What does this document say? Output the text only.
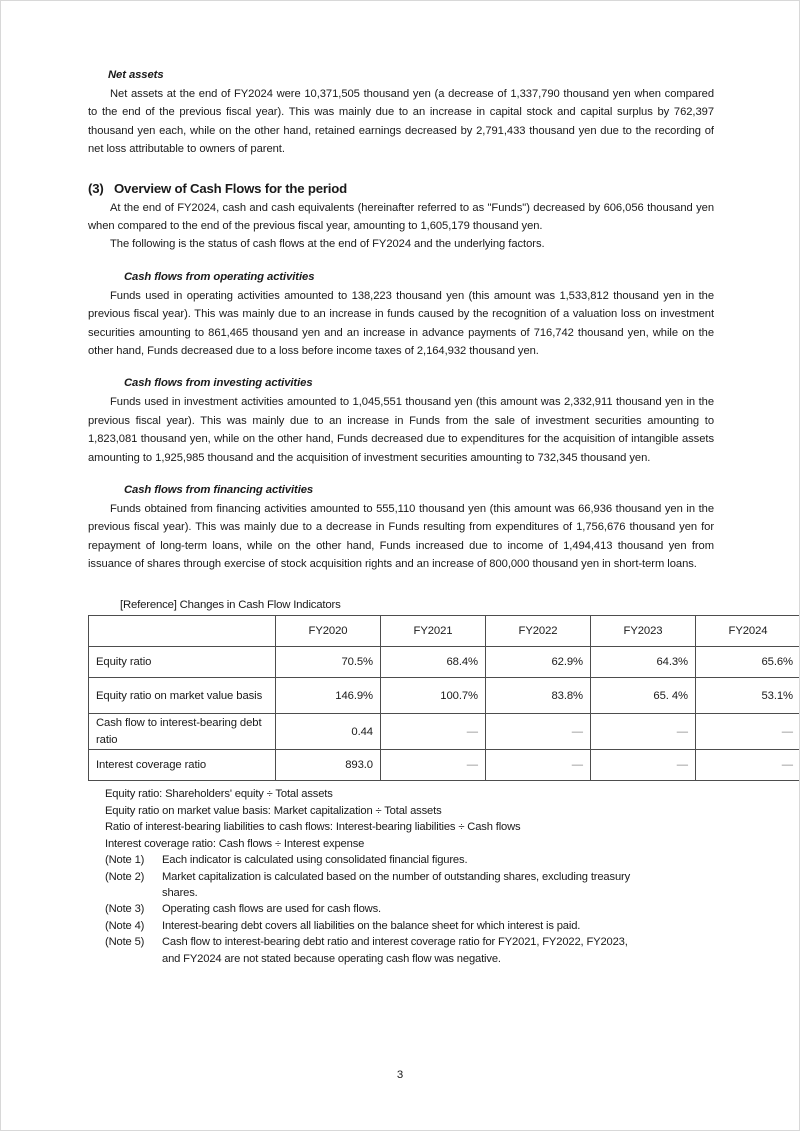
Net assets

Net assets at the end of FY2024 were 10,371,505 thousand yen (a decrease of 1,337,790 thousand yen when compared to the end of the previous fiscal year). This was mainly due to an increase in capital stock and capital surplus by 762,397 thousand yen each, while on the other hand, retained earnings decreased by 2,791,433 thousand yen due to the recording of net loss attributable to owners of parent.

(3) Overview of Cash Flows for the period

At the end of FY2024, cash and cash equivalents (hereinafter referred to as "Funds") decreased by 606,056 thousand yen when compared to the end of the previous fiscal year, amounting to 1,605,179 thousand yen.

The following is the status of cash flows at the end of FY2024 and the underlying factors.

Cash flows from operating activities

Funds used in operating activities amounted to 138,223 thousand yen (this amount was 1,533,812 thousand yen in the previous fiscal year). This was mainly due to an increase in funds caused by the recognition of a valuation loss on investment securities amounting to 861,465 thousand yen and an increase in advance payments of 716,742 thousand yen, while on the other hand, Funds decreased due to a loss before income taxes of 2,164,932 thousand yen.

Cash flows from investing activities

Funds used in investment activities amounted to 1,045,551 thousand yen (this amount was 2,332,911 thousand yen in the previous fiscal year). This was mainly due to an increase in Funds from the sale of investment securities amounting to 1,823,081 thousand yen, while on the other hand, Funds decreased due to expenditures for the acquisition of intangible assets amounting to 1,925,985 thousand and the acquisition of investment securities amounting to 732,345 thousand yen.

Cash flows from financing activities

Funds obtained from financing activities amounted to 555,110 thousand yen (this amount was 66,936 thousand yen in the previous fiscal year). This was mainly due to a decrease in Funds resulting from expenditures of 1,756,676 thousand yen for repayment of long-term loans, while on the other hand, Funds increased due to income of 1,494,413 thousand yen from issuance of shares through exercise of stock acquisition rights and an increase of 800,000 thousand yen in short-term loans.

[Reference] Changes in Cash Flow Indicators
	FY2020	FY2021	FY2022	FY2023	FY2024
Equity ratio	70.5%	68.4%	62.9%	64.3%	65.6%
Equity ratio on market value basis	146.9%	100.7%	83.8%	65. 4%	53.1%
Cash flow to interest-bearing debt ratio	0.44	—	—	—	—
Interest coverage ratio	893.0	—	—	—	—
Equity ratio: Shareholders' equity ÷ Total assets
Equity ratio on market value basis: Market capitalization ÷ Total assets
Ratio of interest-bearing liabilities to cash flows: Interest-bearing liabilities ÷ Cash flows
Interest coverage ratio: Cash flows ÷ Interest expense
(Note 1)	Each indicator is calculated using consolidated financial figures.
(Note 2)	Market capitalization is calculated based on the number of outstanding shares, excluding treasury
shares.
(Note 3)	Operating cash flows are used for cash flows.
(Note 4)	Interest-bearing debt covers all liabilities on the balance sheet for which interest is paid.
(Note 5)	Cash flow to interest-bearing debt ratio and interest coverage ratio for FY2021, FY2022, FY2023,
and FY2024 are not stated because operating cash flow was negative.
3
